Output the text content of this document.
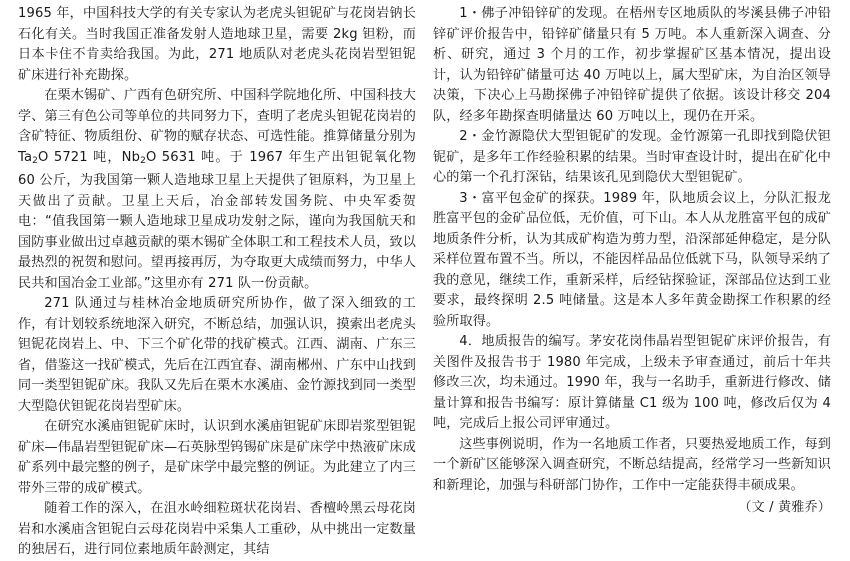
1965 年，中国科技大学的有关专家认为老虎头钽铌矿与花岗岩钠长石化有关。当时我国正准备发射人造地球卫星，需要 2kg 钽粉，而日本卡住不肯卖给我国。为此，271 地质队对老虎头花岗岩型钽铌矿床进行补充勘探。

在栗木锡矿、广西有色研究所、中国科学院地化所、中国科技大学、第三有色公司等单位的共同努力下，查明了老虎头钽铌花岗岩的含矿特征、物质组份、矿物的赋存状态、可选性能。推算储量分别为 $Ta_2O$ 5721 吨，$Nb_2O$ 5631 吨。于 1967 年生产出钽铌氧化物 60 公斤，为我国第一颗人造地球卫星上天提供了钽原料，为卫星上天做出了贡献。卫星上天后，冶金部转发国务院、中央军委贺电：“值我国第一颗人造地球卫星成功发射之际，谨向为我国航天和国防事业做出过卓越贡献的栗木锡矿全体职工和工程技术人员，致以最热烈的祝贺和慰问。望再接再厉，为夺取更大成绩而努力，中华人民共和国冶金工业部。”这里亦有 271 队一份贡献。

271 队通过与桂林冶金地质研究所协作，做了深入细致的工作，有计划较系统地深入研究，不断总结，加强认识，摸索出老虎头钽铌花岗岩上、中、下三个矿化带的找矿模式。江西、湖南、广东三省，借鉴这一找矿模式，先后在江西宜春、湖南郴州、广东中山找到同一类型钽铌矿床。我队又先后在栗木水溪庙、金竹源找到同一类型大型隐伏钽铌花岗岩型矿床。

在研究水溪庙钽铌矿床时，认识到水溪庙钽铌矿床即岩浆型钽铌矿床—伟晶岩型钽铌矿床—石英脉型钨锡矿床是矿床学中热液矿床成矿系列中最完整的例子，是矿床学中最完整的例证。为此建立了内三带外三带的成矿模式。

随着工作的深入，在沮水岭细粒斑状花岗岩、香檀岭黑云母花岗岩和水溪庙含钽铌白云母花岗岩中采集人工重砂，从中挑出一定数量的独居石，进行同位素地质年龄测定，其结

1・佛子冲铅锌矿的发现。在梧州专区地质队的岑溪县佛子冲铅锌矿评价报告中，铅锌矿储量只有 5 万吨。本人重新深入调查、分析、研究，通过 3 个月的工作，初步掌握矿区基本情况，提出设计，认为铅锌矿储量可达 40 万吨以上，属大型矿床，为自治区领导决策，下决心上马勘探佛子冲铅锌矿提供了依据。该设计移交 204 队，经多年勘探查明储量达 60 万吨以上，现仍在开采。

2・金竹源隐伏大型钽铌矿的发现。金竹源第一孔即找到隐伏钽铌矿，是多年工作经验积累的结果。当时审查设计时，提出在矿化中心的第一个孔打深钻，结果该孔见到隐伏大型钽铌矿。

3・富平包金矿的探获。1989 年，队地质会议上，分队汇报龙胜富平包的金矿品位低，无价值，可下山。本人从龙胜富平包的成矿地质条件分析，认为其成矿构造为剪力型，沿深部延伸稳定，是分队采样位置布置不当。所以，不能因样品品位低就下马，队领导采纳了我的意见，继续工作，重新采样，后经钻探验证，深部品位达到工业要求，最终探明 2.5 吨储量。这是本人多年黄金勘探工作积累的经验所取得。

4．地质报告的编写。茅安花岗伟晶岩型钽铌矿床评价报告，有关图件及报告书于 1980 年完成，上级未予审查通过，前后十年共修改三次，均未通过。1990 年，我与一名助手，重新进行修改、储量计算和报告书编写：原计算储量 C1 级为 100 吨，修改后仅为 4 吨，完成后上报公司评审通过。

这些事例说明，作为一名地质工作者，只要热爱地质工作，每到一个新矿区能够深入调查研究，不断总结提高，经常学习一些新知识和新理论，加强与科研部门协作，工作中一定能获得丰硕成果。

（文 / 黄雅乔）
